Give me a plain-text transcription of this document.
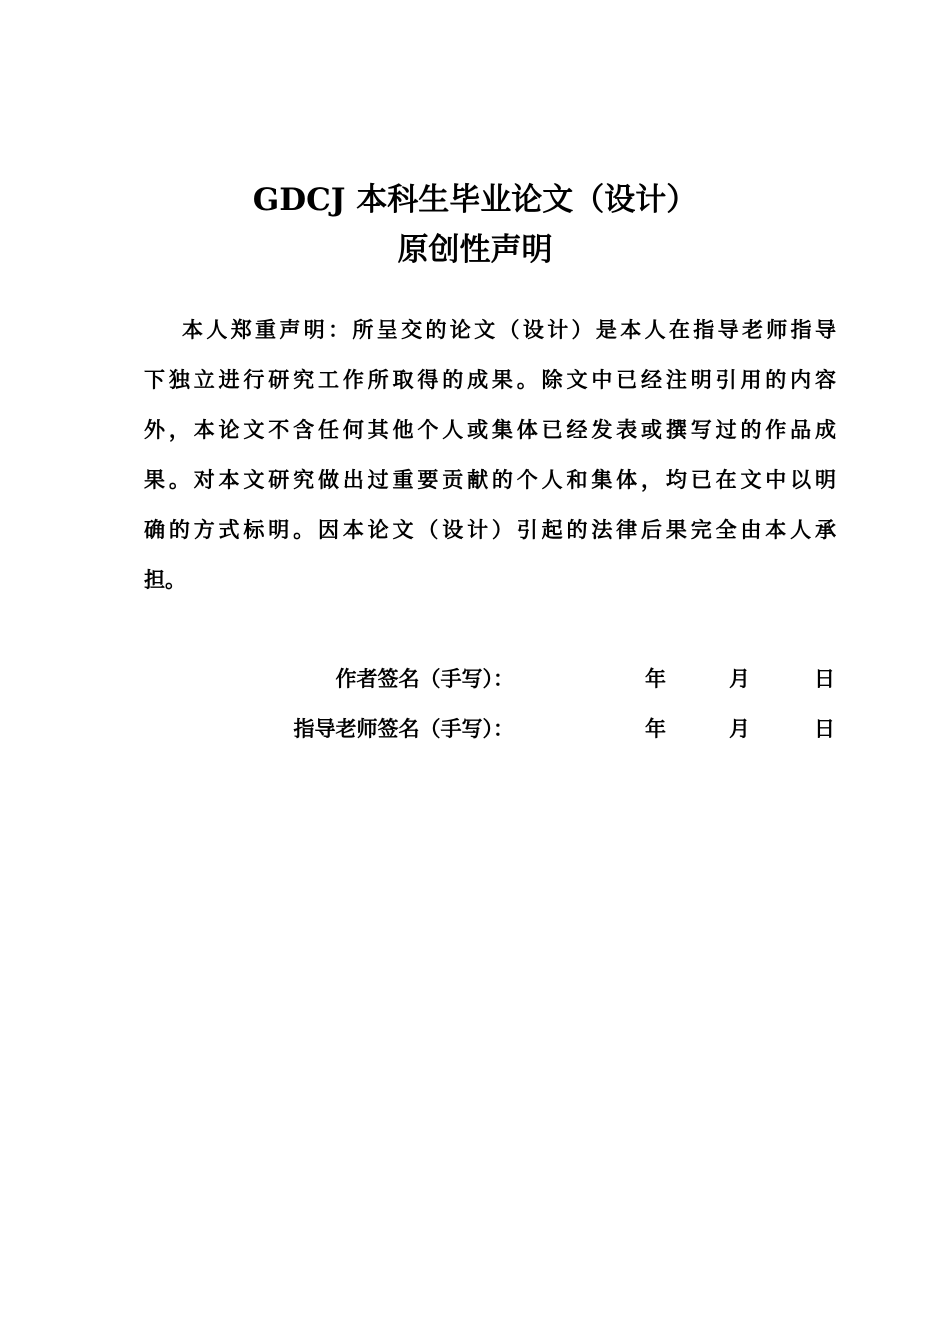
GDCJ 本科生毕业论文（设计）
原创性声明
本人郑重声明：所呈交的论文（设计）是本人在指导老师指导
下独立进行研究工作所取得的成果。除文中已经注明引用的内容
外，本论文不含任何其他个人或集体已经发表或撰写过的作品成
果。对本文研究做出过重要贡献的个人和集体，均已在文中以明
确的方式标明。因本论文（设计）引起的法律后果完全由本人承
担。
作者签名（手写）：	年	月	日
指导老师签名（手写）：	年	月	日
